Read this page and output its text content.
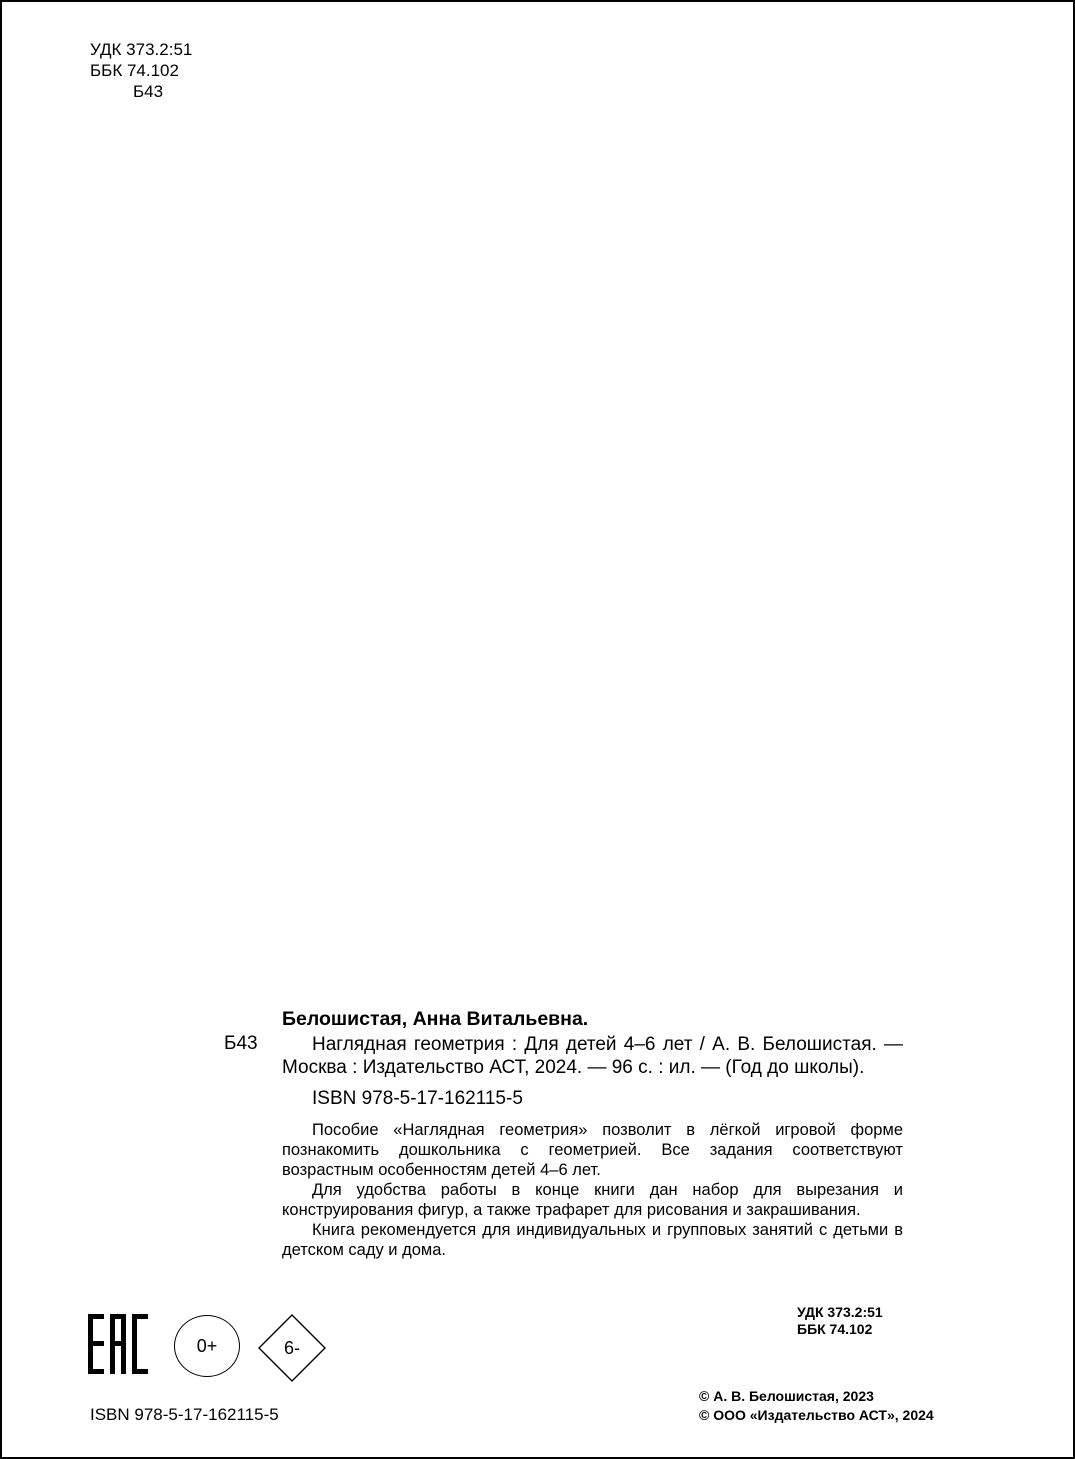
УДК 373.2:51
ББК 74.102
Б43
Б43
Белошистая, Анна Витальевна.

Наглядная геометрия : Для детей 4–6 лет / А. В. Белошистая. — Москва : Издательство АСТ, 2024. — 96 с. : ил. — (Год до школы).

ISBN 978-5-17-162115-5

Пособие «Наглядная геометрия» позволит в лёгкой игровой форме познакомить дошкольника с геометрией. Все задания соответствуют возрастным особенностям детей 4–6 лет.

Для удобства работы в конце книги дан набор для вырезания и конструирования фигур, а также трафарет для рисования и закрашивания.

Книга рекомендуется для индивидуальных и групповых занятий с детьми в детском саду и дома.

УДК 373.2:51
ББК 74.102
0+	6-
© А. В. Белошистая, 2023
© ООО «Издательство АСТ», 2024
ISBN 978-5-17-162115-5
